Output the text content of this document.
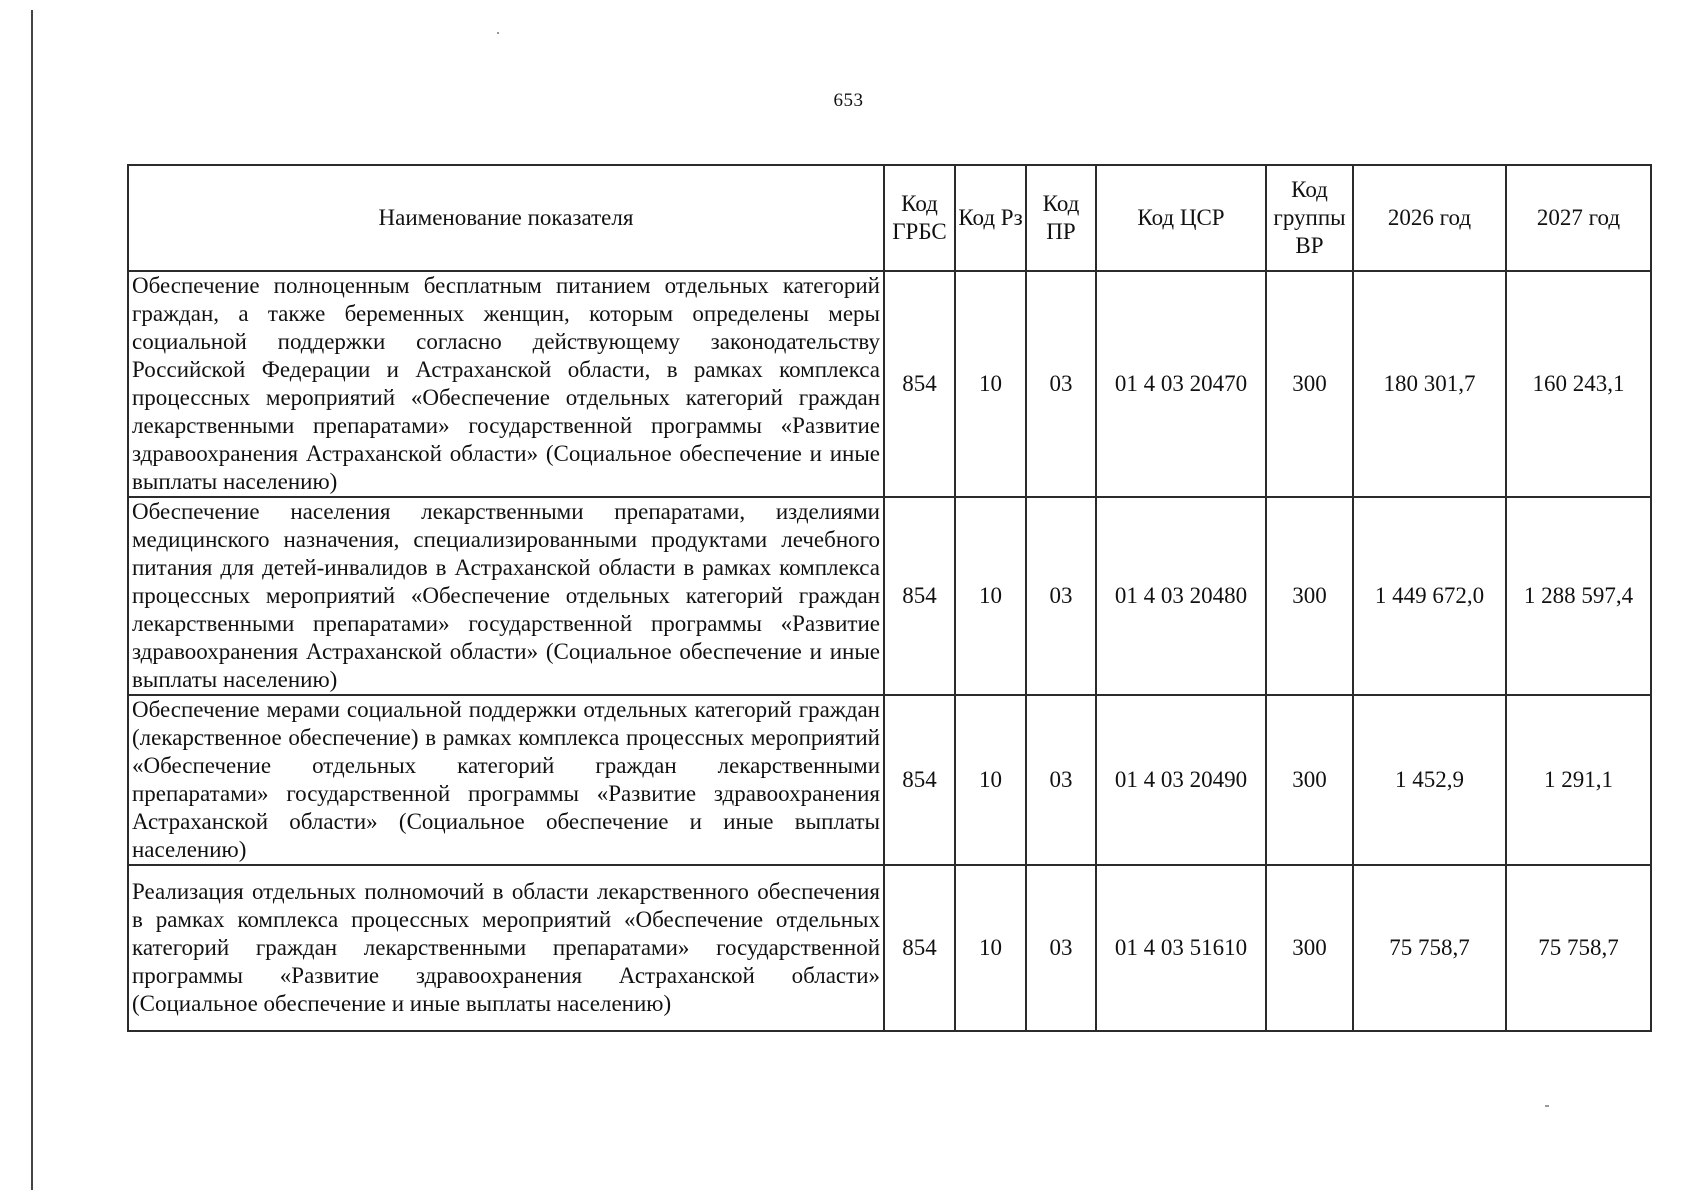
653
Наименование показателя	Код ГРБС	Код Рз	Код ПР	Код ЦСР	Код группы ВР	2026 год	2027 год
Обеспечение полноценным бесплатным питанием отдельных категорий граждан, а также беременных женщин, которым определены меры социальной поддержки согласно действующему законодательству Российской Федерации и Астраханской области, в рамках комплекса процессных мероприятий «Обеспечение отдельных категорий граждан лекарственными препаратами» государственной программы «Развитие здравоохранения Астраханской области» (Социальное обеспечение и иные выплаты населению)	854	10	03	01 4 03 20470	300	180 301,7	160 243,1
Обеспечение населения лекарственными препаратами, изделиями медицинского назначения, специализированными продуктами лечебного питания для детей-инвалидов в Астраханской области в рамках комплекса процессных мероприятий «Обеспечение отдельных категорий граждан лекарственными препаратами» государственной программы «Развитие здравоохранения Астраханской области» (Социальное обеспечение и иные выплаты населению)	854	10	03	01 4 03 20480	300	1 449 672,0	1 288 597,4
Обеспечение мерами социальной поддержки отдельных категорий граждан (лекарственное обеспечение) в рамках комплекса процессных мероприятий «Обеспечение отдельных категорий граждан лекарственными препаратами» государственной программы «Развитие здравоохранения Астраханской области» (Социальное обеспечение и иные выплаты населению)	854	10	03	01 4 03 20490	300	1 452,9	1 291,1
Реализация отдельных полномочий в области лекарственного обеспечения в рамках комплекса процессных мероприятий «Обеспечение отдельных категорий граждан лекарственными препаратами» государственной программы «Развитие здравоохранения Астраханской области» (Социальное обеспечение и иные выплаты населению)	854	10	03	01 4 03 51610	300	75 758,7	75 758,7
